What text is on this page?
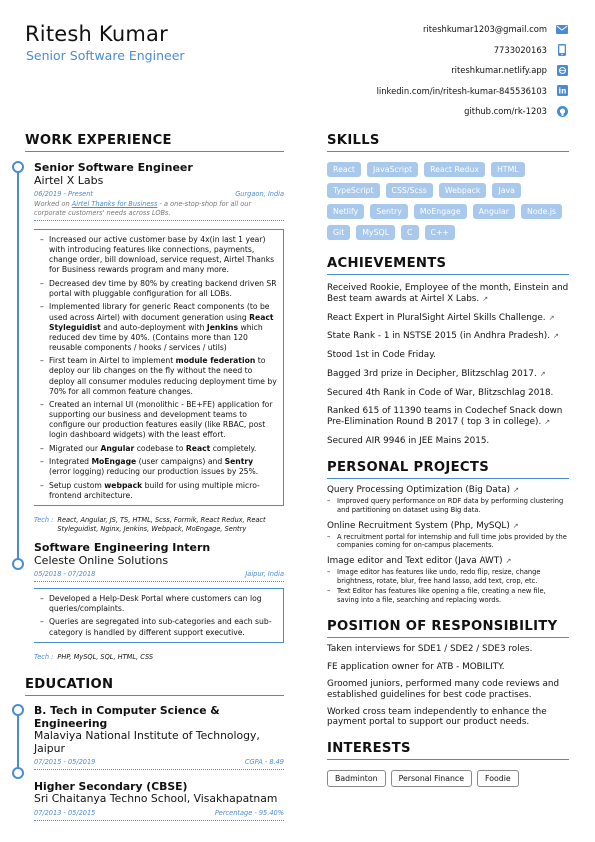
Ritesh Kumar
Senior Software Engineer
riteshkumar1203@gmail.com
7733020163
riteshkumar.netlify.app
linkedin.com/in/ritesh-kumar-845536103 in
github.com/rk-1203
WORK EXPERIENCE
Senior Software Engineer
Airtel X Labs
06/2019 - Present	Gurgaon, India
Worked on Airtel Thanks for Business - a one-stop-shop for all our corporate customers' needs across LOBs.
– Increased our active customer base by 4x(in last 1 year) with introducing features like connections, payments, change order, bill download, service request, Airtel Thanks for Business rewards program and many more.
– Decreased dev time by 80% by creating backend driven SR portal with pluggable configuration for all LOBs.
– Implemented library for generic React components (to be used across Airtel) with document generation using React Styleguidist and auto-deployment with Jenkins which reduced dev time by 40%. (Contains more than 120 reusable components / hooks / services / utils)
– First team in Airtel to implement module federation to deploy our lib changes on the fly without the need to deploy all consumer modules reducing deployment time by 70% for all common feature changes.
– Created an internal UI (monolithic - BE+FE) application for supporting our business and development teams to configure our production features easily (like RBAC, post login dashboard widgets) with the least effort.
– Migrated our Angular codebase to React completely.
– Integrated MoEngage (user campaigns) and Sentry (error logging) reducing our production issues by 25%.
– Setup custom webpack build for using multiple micro-frontend architecture.
Tech : React, Angular, JS, TS, HTML, Scss, Formik, React Redux, React Styleguidist, Nginx, Jenkins, Webpack, MoEngage, Sentry
Software Engineering Intern
Celeste Online Solutions
05/2018 - 07/2018	Jaipur, India
– Developed a Help-Desk Portal where customers can log queries/complaints.
– Queries are segregated into sub-categories and each sub-category is handled by different support executive.
Tech : PHP, MySQL, SQL, HTML, CSS
EDUCATION
B. Tech in Computer Science & Engineering
Malaviya National Institute of Technology, Jaipur
07/2015 - 05/2019	CGPA - 8.49
Higher Secondary (CBSE)
Sri Chaitanya Techno School, Visakhapatnam
07/2013 - 05/2015	Percentage - 95.40%
SKILLS
React	JavaScript	React Redux	HTML
TypeScript	CSS/Scss	Webpack	Java
Netlify	Sentry	MoEngage	Angular	Node.js
Git	MySQL	C	C++
ACHIEVEMENTS
Received Rookie, Employee of the month, Einstein and Best team awards at Airtel X Labs. ↗
React Expert in PluralSight Airtel Skills Challenge. ↗
State Rank - 1 in NSTSE 2015 (in Andhra Pradesh). ↗
Stood 1st in Code Friday.
Bagged 3rd prize in Decipher, Blitzschlag 2017. ↗
Secured 4th Rank in Code of War, Blitzschlag 2018.
Ranked 615 of 11390 teams in Codechef Snack down Pre-Elimination Round B 2017 ( top 3 in college). ↗
Secured AIR 9946 in JEE Mains 2015.
PERSONAL PROJECTS
Query Processing Optimization (Big Data) ↗
– Improved query performance on RDF data by performing clustering and partitioning on dataset using Big data.
Online Recruitment System (Php, MySQL) ↗
– A recruitment portal for internship and full time jobs provided by the companies coming for on-campus placements.
Image editor and Text editor (Java AWT) ↗
– Image editor has features like undo, redo flip, resize, change brightness, rotate, blur, free hand lasso, add text, crop, etc.
– Text Editor has features like opening a file, creating a new file, saving into a file, searching and replacing words.
POSITION OF RESPONSIBILITY
Taken interviews for SDE1 / SDE2 / SDE3 roles.
FE application owner for ATB - MOBILITY.
Groomed juniors, performed many code reviews and established guidelines for best code practises.
Worked cross team independently to enhance the payment portal to support our product needs.
INTERESTS
Badminton	Personal Finance	Foodie
